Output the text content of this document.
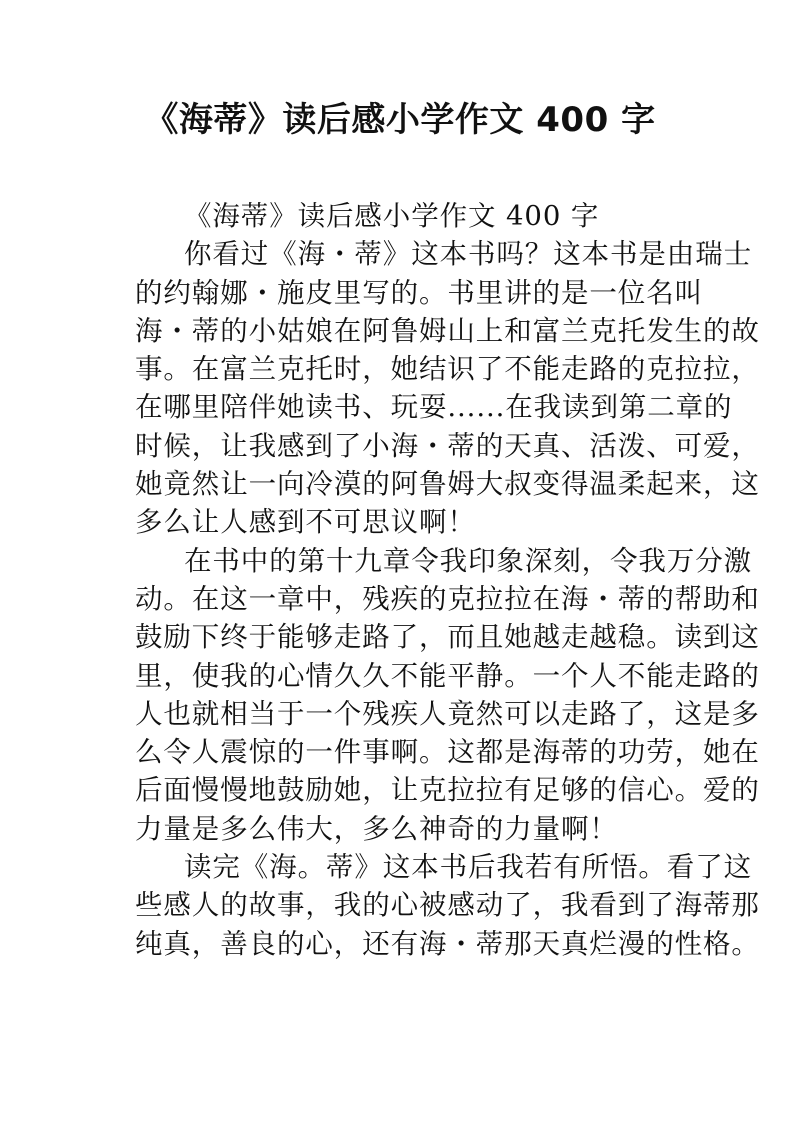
《海蒂》读后感小学作文 400 字
《海蒂》读后感小学作文 400 字
你看过《海・蒂》这本书吗？这本书是由瑞士
的约翰娜・施皮里写的。书里讲的是一位名叫
海・蒂的小姑娘在阿鲁姆山上和富兰克托发生的故
事。在富兰克托时，她结识了不能走路的克拉拉，
在哪里陪伴她读书、玩耍......在我读到第二章的
时候，让我感到了小海・蒂的天真、活泼、可爱，
她竟然让一向冷漠的阿鲁姆大叔变得温柔起来，这
多么让人感到不可思议啊！
在书中的第十九章令我印象深刻，令我万分激
动。在这一章中，残疾的克拉拉在海・蒂的帮助和
鼓励下终于能够走路了，而且她越走越稳。读到这
里，使我的心情久久不能平静。一个人不能走路的
人也就相当于一个残疾人竟然可以走路了，这是多
么令人震惊的一件事啊。这都是海蒂的功劳，她在
后面慢慢地鼓励她，让克拉拉有足够的信心。爱的
力量是多么伟大，多么神奇的力量啊！
读完《海。蒂》这本书后我若有所悟。看了这
些感人的故事，我的心被感动了，我看到了海蒂那
纯真，善良的心，还有海・蒂那天真烂漫的性格。
